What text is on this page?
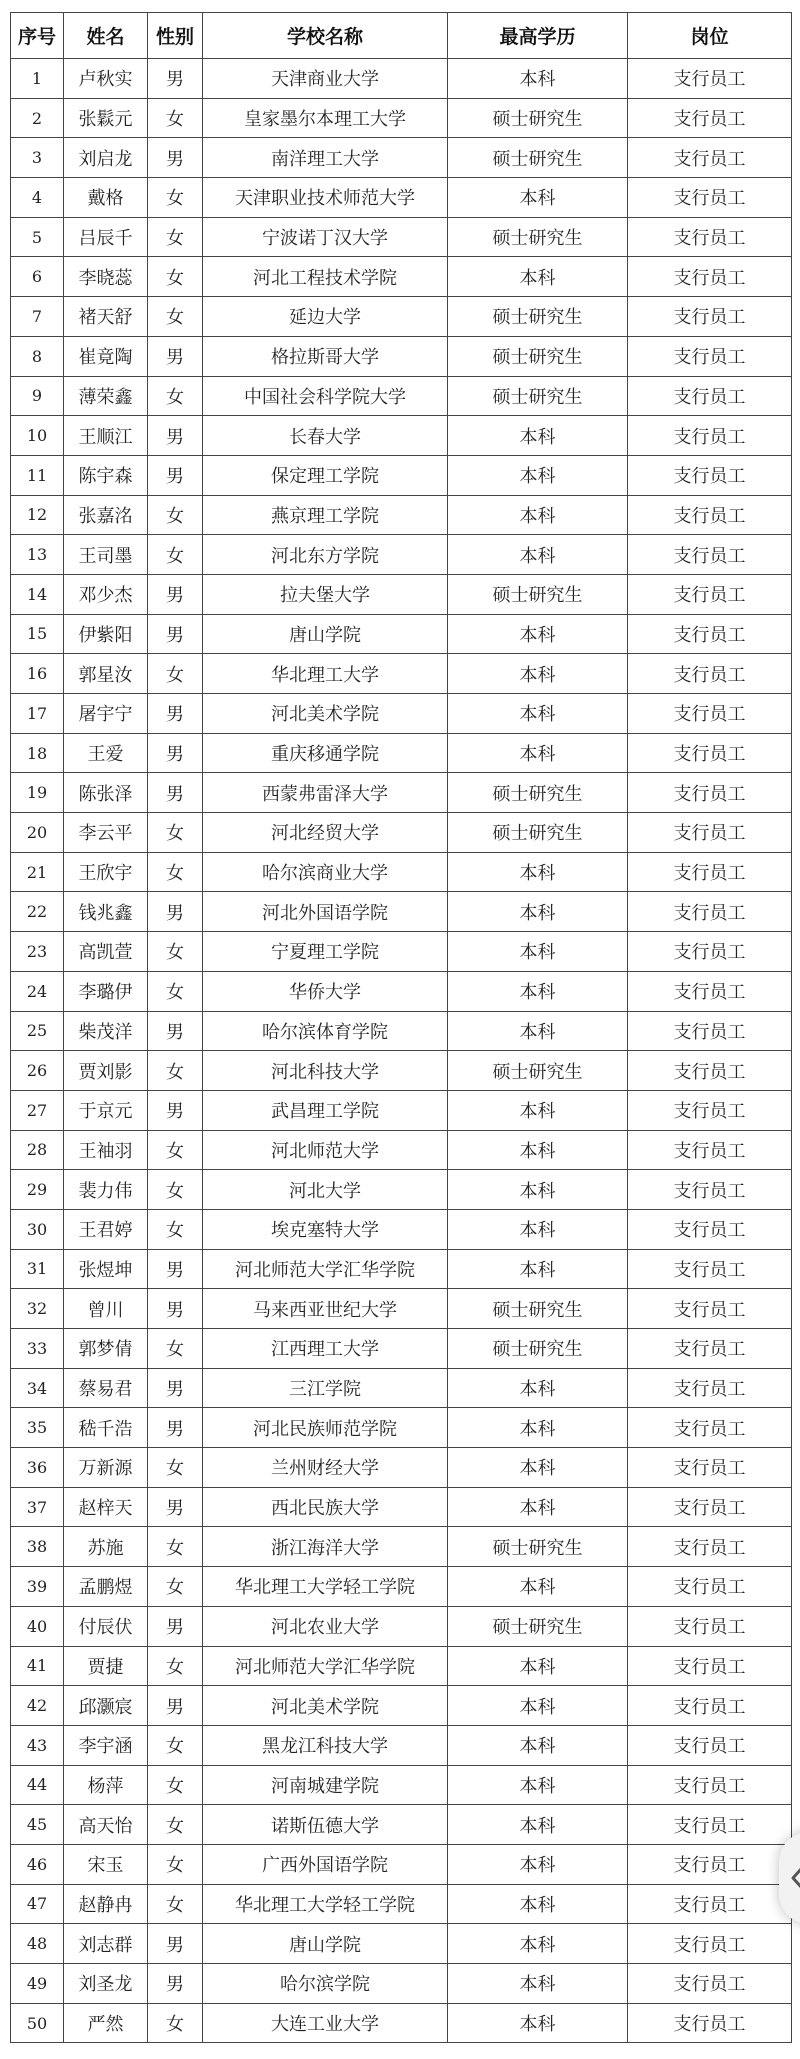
序号	姓名	性别	学校名称	最高学历	岗位
1	卢秋实	男	天津商业大学	本科	支行员工
2	张鬏元	女	皇家墨尔本理工大学	硕士研究生	支行员工
3	刘启龙	男	南洋理工大学	硕士研究生	支行员工
4	戴格	女	天津职业技术师范大学	本科	支行员工
5	吕辰千	女	宁波诺丁汉大学	硕士研究生	支行员工
6	李晓蕊	女	河北工程技术学院	本科	支行员工
7	褚天舒	女	延边大学	硕士研究生	支行员工
8	崔竟陶	男	格拉斯哥大学	硕士研究生	支行员工
9	薄荣鑫	女	中国社会科学院大学	硕士研究生	支行员工
10	王顺江	男	长春大学	本科	支行员工
11	陈宇森	男	保定理工学院	本科	支行员工
12	张嘉洺	女	燕京理工学院	本科	支行员工
13	王司墨	女	河北东方学院	本科	支行员工
14	邓少杰	男	拉夫堡大学	硕士研究生	支行员工
15	伊紫阳	男	唐山学院	本科	支行员工
16	郭星汝	女	华北理工大学	本科	支行员工
17	屠宇宁	男	河北美术学院	本科	支行员工
18	王爱	男	重庆移通学院	本科	支行员工
19	陈张泽	男	西蒙弗雷泽大学	硕士研究生	支行员工
20	李云平	女	河北经贸大学	硕士研究生	支行员工
21	王欣宇	女	哈尔滨商业大学	本科	支行员工
22	钱兆鑫	男	河北外国语学院	本科	支行员工
23	高凯萱	女	宁夏理工学院	本科	支行员工
24	李璐伊	女	华侨大学	本科	支行员工
25	柴茂洋	男	哈尔滨体育学院	本科	支行员工
26	贾刘影	女	河北科技大学	硕士研究生	支行员工
27	于京元	男	武昌理工学院	本科	支行员工
28	王袖羽	女	河北师范大学	本科	支行员工
29	裴力伟	女	河北大学	本科	支行员工
30	王君婷	女	埃克塞特大学	本科	支行员工
31	张煜坤	男	河北师范大学汇华学院	本科	支行员工
32	曾川	男	马来西亚世纪大学	硕士研究生	支行员工
33	郭梦倩	女	江西理工大学	硕士研究生	支行员工
34	蔡易君	男	三江学院	本科	支行员工
35	嵇千浩	男	河北民族师范学院	本科	支行员工
36	万新源	女	兰州财经大学	本科	支行员工
37	赵梓天	男	西北民族大学	本科	支行员工
38	苏施	女	浙江海洋大学	硕士研究生	支行员工
39	孟鹏煜	女	华北理工大学轻工学院	本科	支行员工
40	付辰伏	男	河北农业大学	硕士研究生	支行员工
41	贾捷	女	河北师范大学汇华学院	本科	支行员工
42	邱灏宸	男	河北美术学院	本科	支行员工
43	李宇涵	女	黑龙江科技大学	本科	支行员工
44	杨萍	女	河南城建学院	本科	支行员工
45	高天怡	女	诺斯伍德大学	本科	支行员工
46	宋玉	女	广西外国语学院	本科	支行员工
47	赵静冉	女	华北理工大学轻工学院	本科	支行员工
48	刘志群	男	唐山学院	本科	支行员工
49	刘圣龙	男	哈尔滨学院	本科	支行员工
50	严然	女	大连工业大学	本科	支行员工
